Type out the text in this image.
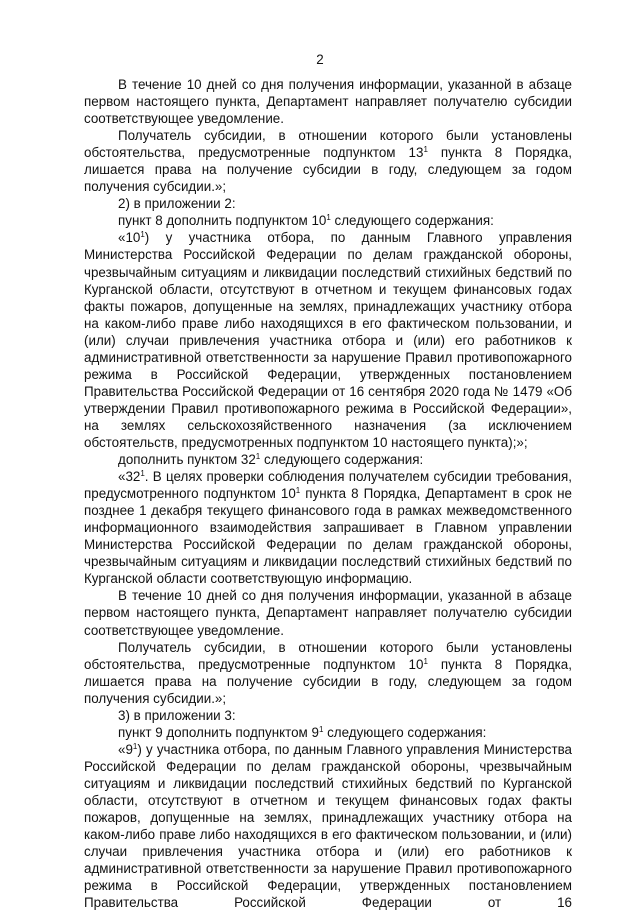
2

В течение 10 дней со дня получения информации, указанной в абзаце первом настоящего пункта, Департамент направляет получателю субсидии соответствующее уведомление.

Получатель субсидии, в отношении которого были установлены обстоятельства, предусмотренные подпунктом $13^1$ пункта 8 Порядка, лишается права на получение субсидии в году, следующем за годом получения субсидии.»;

2) в приложении 2:

пункт 8 дополнить подпунктом $10^1$ следующего содержания:

«$10^1$) у участника отбора, по данным Главного управления Министерства Российской Федерации по делам гражданской обороны, чрезвычайным ситуациям и ликвидации последствий стихийных бедствий по Курганской области, отсутствуют в отчетном и текущем финансовых годах факты пожаров, допущенные на землях, принадлежащих участнику отбора на каком-либо праве либо находящихся в его фактическом пользовании, и (или) случаи привлечения участника отбора и (или) его работников к административной ответственности за нарушение Правил противопожарного режима в Российской Федерации, утвержденных постановлением Правительства Российской Федерации от 16 сентября 2020 года № 1479 «Об утверждении Правил противопожарного режима в Российской Федерации», на землях сельскохозяйственного назначения (за исключением обстоятельств, предусмотренных подпунктом 10 настоящего пункта);»;

дополнить пунктом $32^1$ следующего содержания:

«$32^1$. В целях проверки соблюдения получателем субсидии требования, предусмотренного подпунктом $10^1$ пункта 8 Порядка, Департамент в срок не позднее 1 декабря текущего финансового года в рамках межведомственного информационного взаимодействия запрашивает в Главном управлении Министерства Российской Федерации по делам гражданской обороны, чрезвычайным ситуациям и ликвидации последствий стихийных бедствий по Курганской области соответствующую информацию.

В течение 10 дней со дня получения информации, указанной в абзаце первом настоящего пункта, Департамент направляет получателю субсидии соответствующее уведомление.

Получатель субсидии, в отношении которого были установлены обстоятельства, предусмотренные подпунктом $10^1$ пункта 8 Порядка, лишается права на получение субсидии в году, следующем за годом получения субсидии.»;

3) в приложении 3:

пункт 9 дополнить подпунктом $9^1$ следующего содержания:

«$9^1$) у участника отбора, по данным Главного управления Министерства Российской Федерации по делам гражданской обороны, чрезвычайным ситуациям и ликвидации последствий стихийных бедствий по Курганской области, отсутствуют в отчетном и текущем финансовых годах факты пожаров, допущенные на землях, принадлежащих участнику отбора на каком-либо праве либо находящихся в его фактическом пользовании, и (или) случаи привлечения участника отбора и (или) его работников к административной ответственности за нарушение Правил противопожарного режима в Российской Федерации, утвержденных постановлением Правительства Российской Федерации от 16
